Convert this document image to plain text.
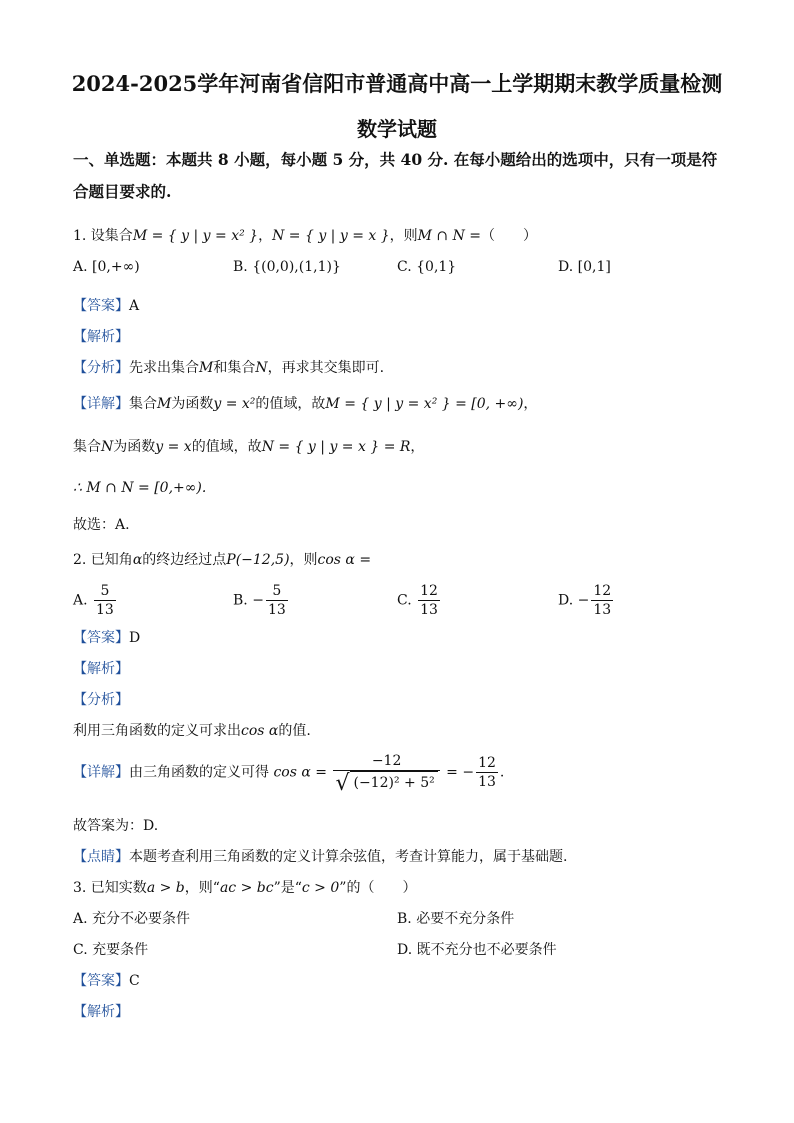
2024-2025学年河南省信阳市普通高中高一上学期期末教学质量检测
数学试题
一、单选题：本题共 8 小题，每小题 5 分，共 40 分. 在每小题给出的选项中，只有一项是符
合题目要求的.
1. 设集合M = { y | y = x² }，N = { y | y = x }，则M ∩ N =（　　）
A. [0,+∞)	B. {(0,0),(1,1)}	C. {0,1}	D. [0,1]
【答案】A
【解析】
【分析】先求出集合M和集合N，再求其交集即可.
【详解】集合M为函数y = x²的值域，故M = { y | y = x² } = [0, +∞)，
集合N为函数y = x的值域，故N = { y | y = x } = R，
∴ M ∩ N = [0,+∞).
故选：A.
2. 已知角α的终边经过点P(−12,5)，则cos α =
A. $\frac{5}{13}$	B. − $\frac{5}{13}$	C. $\frac{12}{13}$	D. − $\frac{12}{13}$
【答案】D
【解析】
【分析】
利用三角函数的定义可求出cos α的值.
【详解】由三角函数的定义可得 $\cos \alpha = \frac{-12}{\text{√ (−12)² + 5²}}$ = − $\frac{12}{13}$ .
故答案为：D.
【点睛】本题考查利用三角函数的定义计算余弦值，考查计算能力，属于基础题.
3. 已知实数a > b，则“ac > bc”是“c > 0”的（　　）
A. 充分不必要条件	B. 必要不充分条件
C. 充要条件	D. 既不充分也不必要条件
【答案】C
【解析】
